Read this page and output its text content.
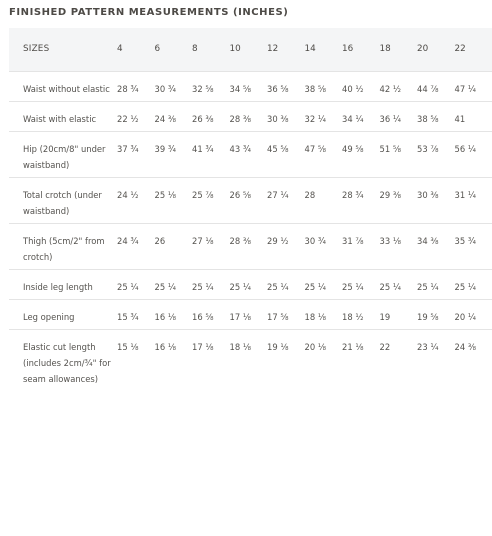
FINISHED PATTERN MEASUREMENTS (INCHES)
SIZES	4	6	8	10	12	14	16	18	20	22
Waist without elastic	28 ¾	30 ¾	32 ⅝	34 ⅝	36 ⅝	38 ⅝	40 ½	42 ½	44 ⅞	47 ¼
Waist with elastic	22 ½	24 ⅜	26 ⅜	28 ⅜	30 ⅜	32 ¼	34 ¼	36 ¼	38 ⅝	41
Hip (20cm/8" under waistband)	37 ¾	39 ¾	41 ¾	43 ¾	45 ⅝	47 ⅝	49 ⅝	51 ⅝	53 ⅞	56 ¼
Total crotch (under waistband)	24 ½	25 ⅛	25 ⅞	26 ⅝	27 ¼	28	28 ¾	29 ⅜	30 ⅜	31 ¼
Thigh (5cm/2" from crotch)	24 ¾	26	27 ⅛	28 ⅜	29 ½	30 ¾	31 ⅞	33 ⅛	34 ⅜	35 ¾
Inside leg length	25 ¼	25 ¼	25 ¼	25 ¼	25 ¼	25 ¼	25 ¼	25 ¼	25 ¼	25 ¼
Leg opening	15 ¾	16 ⅛	16 ⅝	17 ⅛	17 ⅝	18 ⅛	18 ½	19	19 ⅝	20 ¼
Elastic cut length (includes 2cm/¾" for seam allowances)	15 ⅛	16 ⅛	17 ⅛	18 ⅛	19 ⅛	20 ⅛	21 ⅛	22	23 ¼	24 ⅜
